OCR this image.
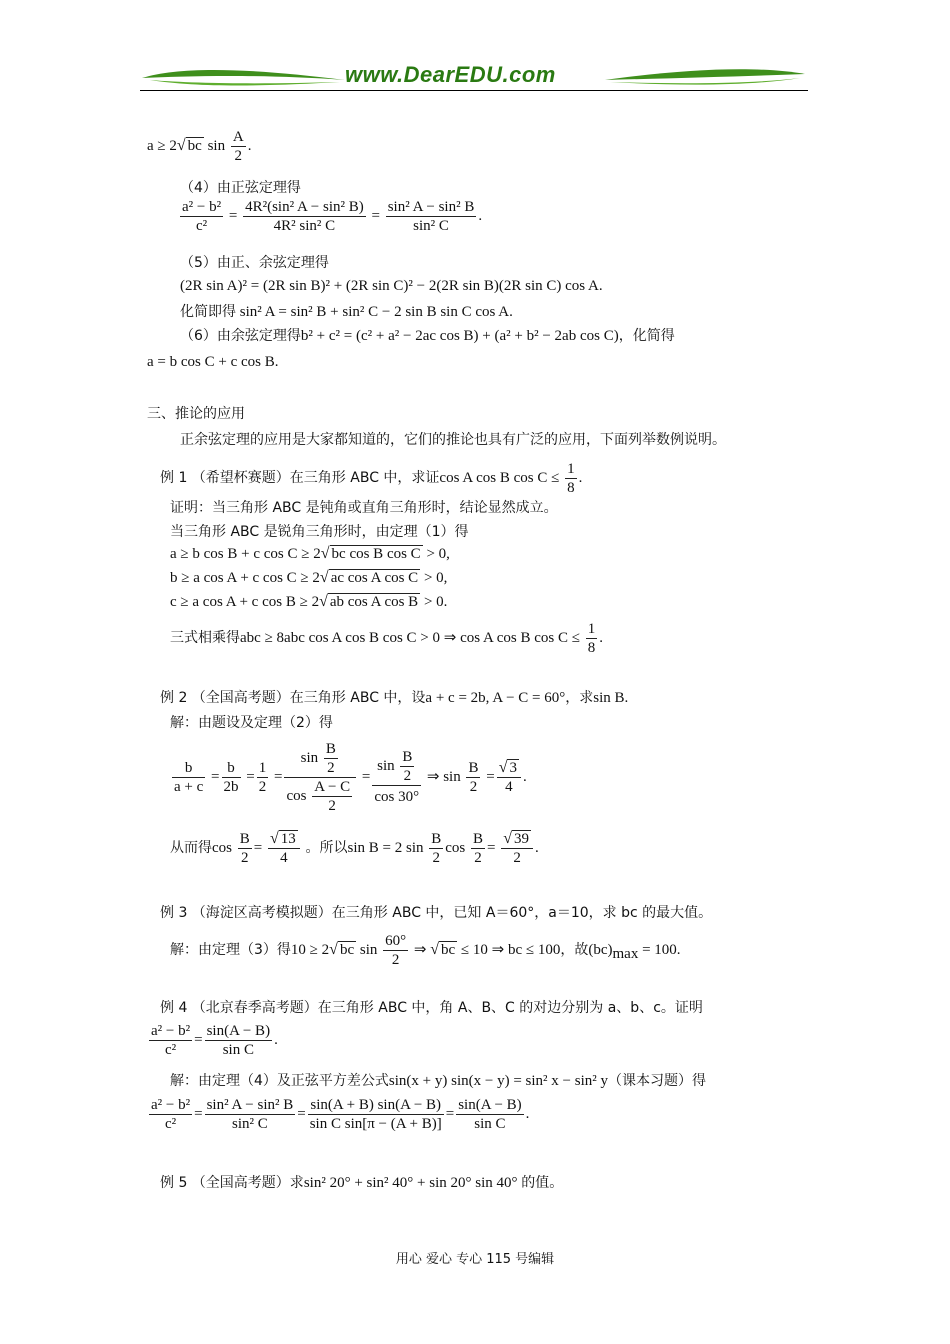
www.DearEDU.com
a ≥ 2√ bc $\sin \frac{A}{2}$ .
（4）由正弦定理得
$\frac{\text{a² − b²}}{\text{c²}} = \frac{\text{4R²(sin² A − sin² B)}}{\text{4R² sin² C}} = \frac{\text{sin² A − sin² B}}{\text{sin² C}}$ .
（5）由正、余弦定理得
(2R sin A)² = (2R sin B)² + (2R sin C)² − 2(2R sin B)(2R sin C) cos A.
化简即得 sin² A = sin² B + sin² C − 2 sin B sin C cos A.
（6）由余弦定理得b² + c² = (c² + a² − 2ac cos B) + (a² + b² − 2ab cos C)，化简得
a = b cos C + c cos B.
三、推论的应用
正余弦定理的应用是大家都知道的，它们的推论也具有广泛的应用，下面列举数例说明。
例 1 （希望杯赛题）在三角形 ABC 中，求证cos A cos B $\cos C \le \frac{1}{8}$ .
证明：当三角形 ABC 是钝角或直角三角形时，结论显然成立。
当三角形 ABC 是锐角三角形时，由定理（1）得
a ≥ b cos B + c cos C ≥ 2√ bc cos B cos C > 0,
b ≥ a cos A + c cos C ≥ 2√ ac cos A cos C > 0,
c ≥ a cos A + c cos B ≥ 2√ ab cos A cos B > 0.
三式相乘得abc ≥ 8abc cos A cos B cos C > 0 ⇒ cos A cos B $\cos C \le \frac{1}{8}$ .
例 2 （全国高考题）在三角形 ABC 中，设a + c = 2b, A − C = 60°，求sin B.
解：由题设及定理（2）得
$\frac{b}{a + c} = \frac{b}{2b} = \frac{1}{2} = \frac{\sin \frac{B}{2}}{\cos \frac{A - C}{2}} = \frac{\sin \frac{B}{2}}{\cos 30^\circ}$ ⇒ $\sin \frac{B}{2} = \frac{√ 3}{4}$ .
从而得$\cos \frac{B}{2} = \frac{√ 13}{4}$ 。所以sin B = 2 $\sin \frac{B}{2}$ $\cos \frac{B}{2} = \frac{√ 39}{2}$ .
例 3 （海淀区高考模拟题）在三角形 ABC 中，已知 A＝60°，a＝10，求 bc 的最大值。
解：由定理（3）得10 ≥ 2√ bc $\sin \frac{60^\circ}{2}$ ⇒ √ bc ≤ 10 ⇒ bc ≤ 100，故$(bc)_{max} = 100$.
例 4 （北京春季高考题）在三角形 ABC 中，角 A、B、C 的对边分别为 a、b、c。证明
$\frac{\text{a² − b²}}{\text{c²}} = \frac{\sin(A - B)}{\text{sin C}}$ .
解：由定理（4）及正弦平方差公式sin(x + y) sin(x − y) = sin² x − sin² y（课本习题）得
$\frac{\text{a² − b²}}{\text{c²}} = \frac{\text{sin² A − sin² B}}{\text{sin² C}} = \frac{\sin(A + B) \sin(A - B)}{\text{sin C sin[π − (A + B)]}} = \frac{\sin(A - B)}{\text{sin C}}$ .
例 5 （全国高考题）求sin² 20° + sin² 40° + sin 20° sin 40° 的值。
用心 爱心 专心 115 号编辑
